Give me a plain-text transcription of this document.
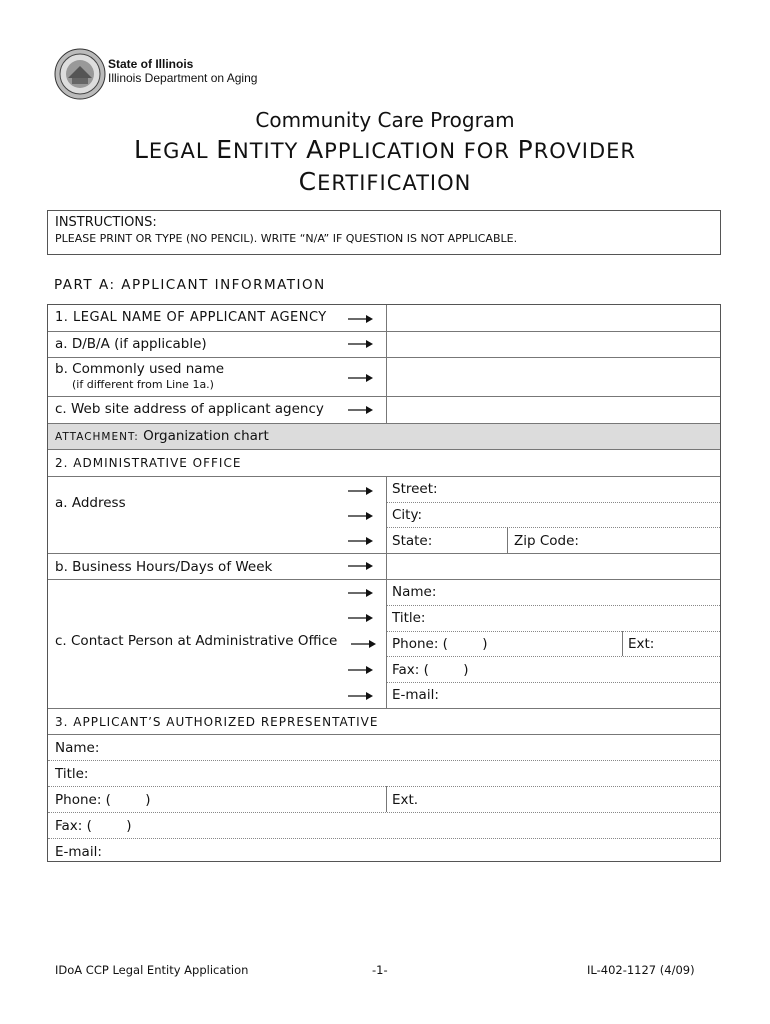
State of Illinois
Illinois Department on Aging
Community Care Program
LEGAL ENTITY APPLICATION FOR PROVIDER
CERTIFICATION
INSTRUCTIONS:
PLEASE PRINT OR TYPE (NO PENCIL). WRITE “N/A” IF QUESTION IS NOT APPLICABLE.
PART A: APPLICANT INFORMATION
1. LEGAL NAME OF APPLICANT AGENCY
a. D/B/A (if applicable)
b. Commonly used name
(if different from Line 1a.)
c. Web site address of applicant agency
ATTACHMENT: Organization chart
2. ADMINISTRATIVE OFFICE
a. Address
Street:
City:
State:	Zip Code:
b. Business Hours/Days of Week
c. Contact Person at Administrative Office
Name:
Title:
Phone: (        )	Ext:
Fax: (        )
E-mail:
3. APPLICANT’S AUTHORIZED REPRESENTATIVE
Name:
Title:
Phone: (        )	Ext.
Fax: (        )
E-mail:
IDoA CCP Legal Entity Application	-1-	IL-402-1127 (4/09)
